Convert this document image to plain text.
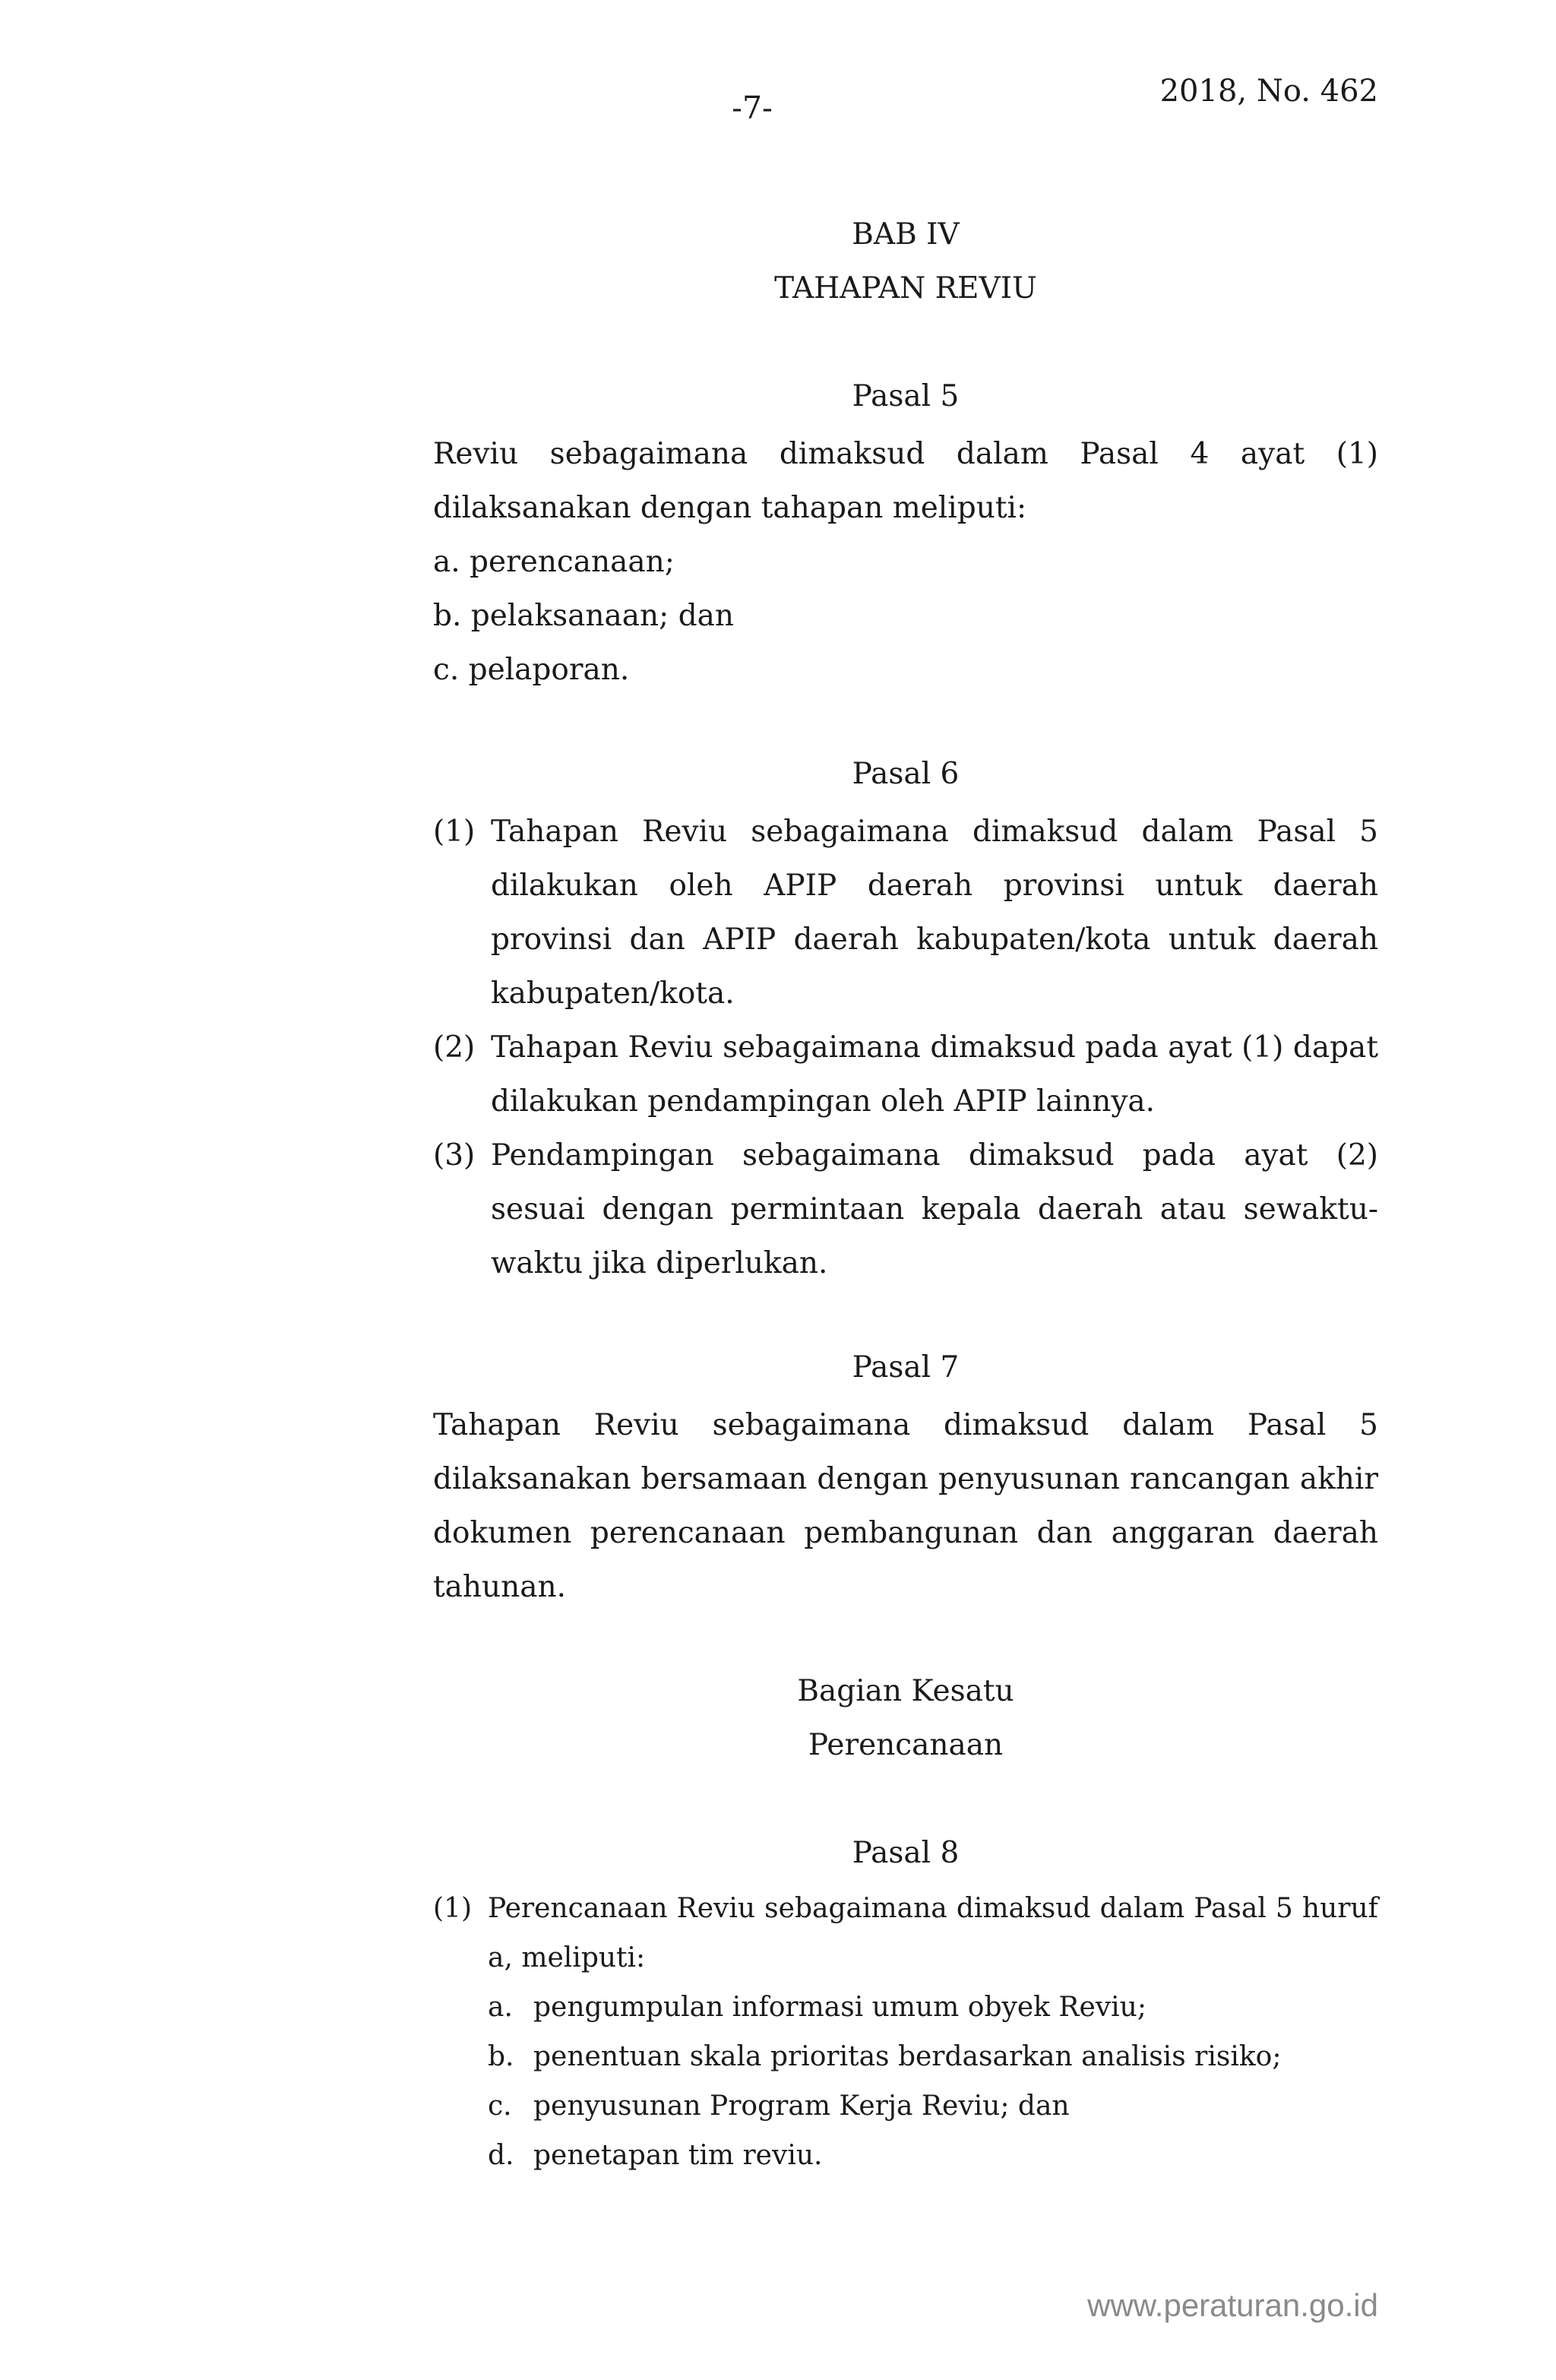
-7-	2018, No. 462

BAB IV

TAHAPAN REVIU

Pasal 5

Reviu sebagaimana dimaksud dalam Pasal 4 ayat (1) dilaksanakan dengan tahapan meliputi:

a. perencanaan;

b. pelaksanaan; dan

c. pelaporan.

Pasal 6

(1) Tahapan Reviu sebagaimana dimaksud dalam Pasal 5 dilakukan oleh APIP daerah provinsi untuk daerah provinsi dan APIP daerah kabupaten/kota untuk daerah kabupaten/kota.

(2) Tahapan Reviu sebagaimana dimaksud pada ayat (1) dapat dilakukan pendampingan oleh APIP lainnya.

(3) Pendampingan sebagaimana dimaksud pada ayat (2) sesuai dengan permintaan kepala daerah atau sewaktu-waktu jika diperlukan.

Pasal 7

Tahapan Reviu sebagaimana dimaksud dalam Pasal 5 dilaksanakan bersamaan dengan penyusunan rancangan akhir dokumen perencanaan pembangunan dan anggaran daerah tahunan.

Bagian Kesatu

Perencanaan

Pasal 8

(1) Perencanaan Reviu sebagaimana dimaksud dalam Pasal 5 huruf a, meliputi:

a. pengumpulan informasi umum obyek Reviu;
b. penentuan skala prioritas berdasarkan analisis risiko;
c. penyusunan Program Kerja Reviu; dan
d. penetapan tim reviu.
www.peraturan.go.id
